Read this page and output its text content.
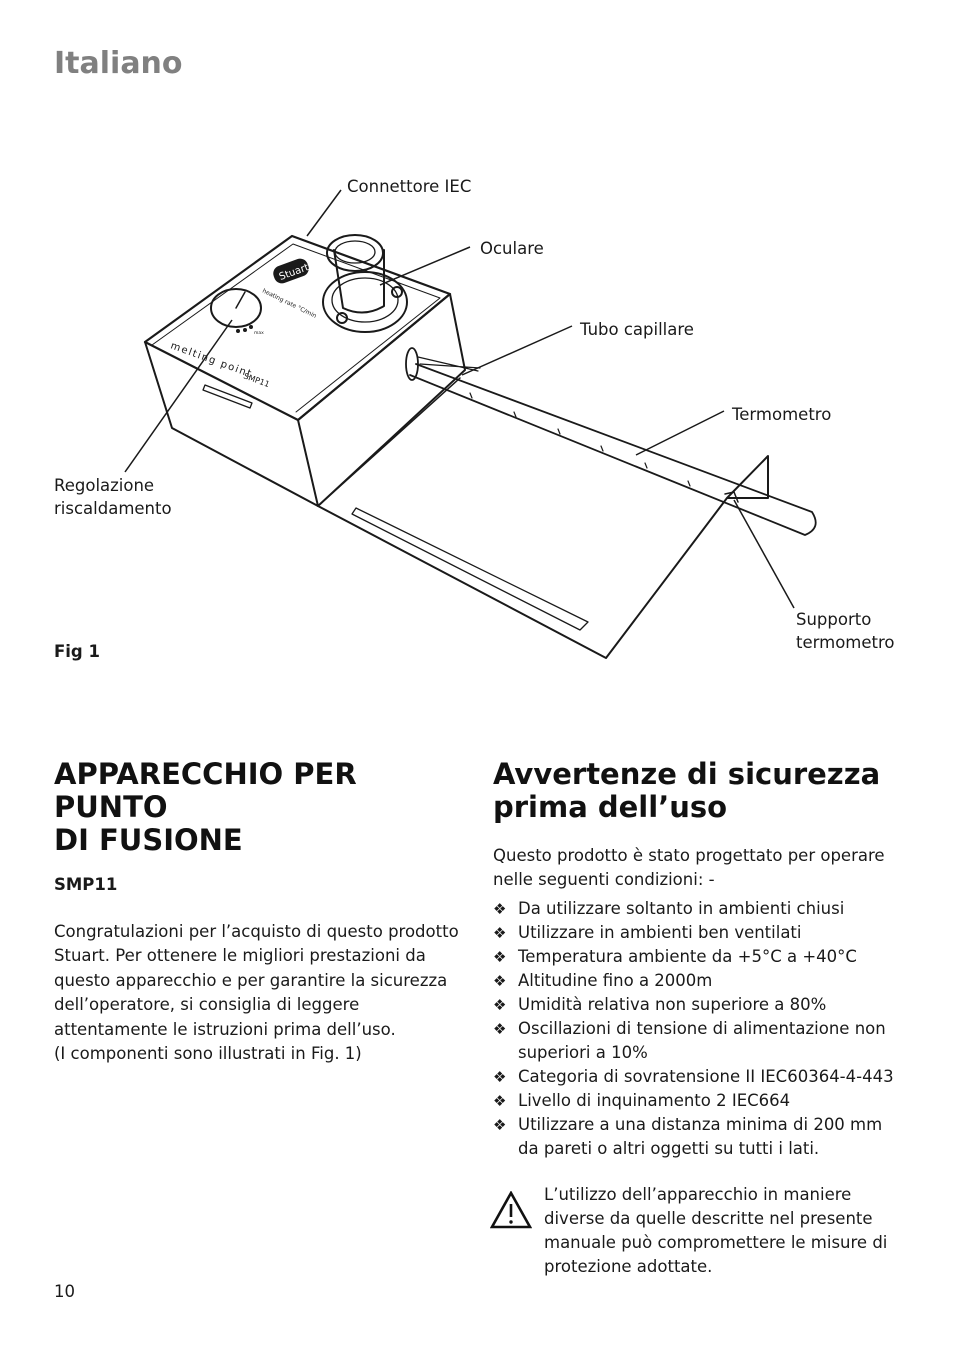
Italiano
Stuart
heating rate °C/min
melting point
SMP11
max
Connettore IEC
Oculare
Tubo capillare
Termometro
Regolazione
riscaldamento
Supporto
termometro
Fig 1
APPARECCHIO PER PUNTO
DI FUSIONE
SMP11
Congratulazioni per l’acquisto di questo prodotto
Stuart. Per ottenere le migliori prestazioni da
questo apparecchio e per garantire la sicurezza
dell’operatore, si consiglia di leggere
attentamente le istruzioni prima dell’uso.
(I componenti sono illustrati in Fig. 1)
Avvertenze di sicurezza
prima dell’uso
Questo prodotto è stato progettato per operare
nelle seguenti condizioni: -
❖ Da utilizzare soltanto in ambienti chiusi
❖ Utilizzare in ambienti ben ventilati
❖ Temperatura ambiente da +5°C a +40°C
❖ Altitudine fino a 2000m
❖ Umidità relativa non superiore a 80%
❖ Oscillazioni di tensione di alimentazione non
superiori a 10%
❖ Categoria di sovratensione II IEC60364-4-443
❖ Livello di inquinamento 2 IEC664
❖ Utilizzare a una distanza minima di 200 mm
da pareti o altri oggetti su tutti i lati.
L’utilizzo dell’apparecchio in maniere
diverse da quelle descritte nel presente
manuale può compromettere le misure di
protezione adottate.
10
